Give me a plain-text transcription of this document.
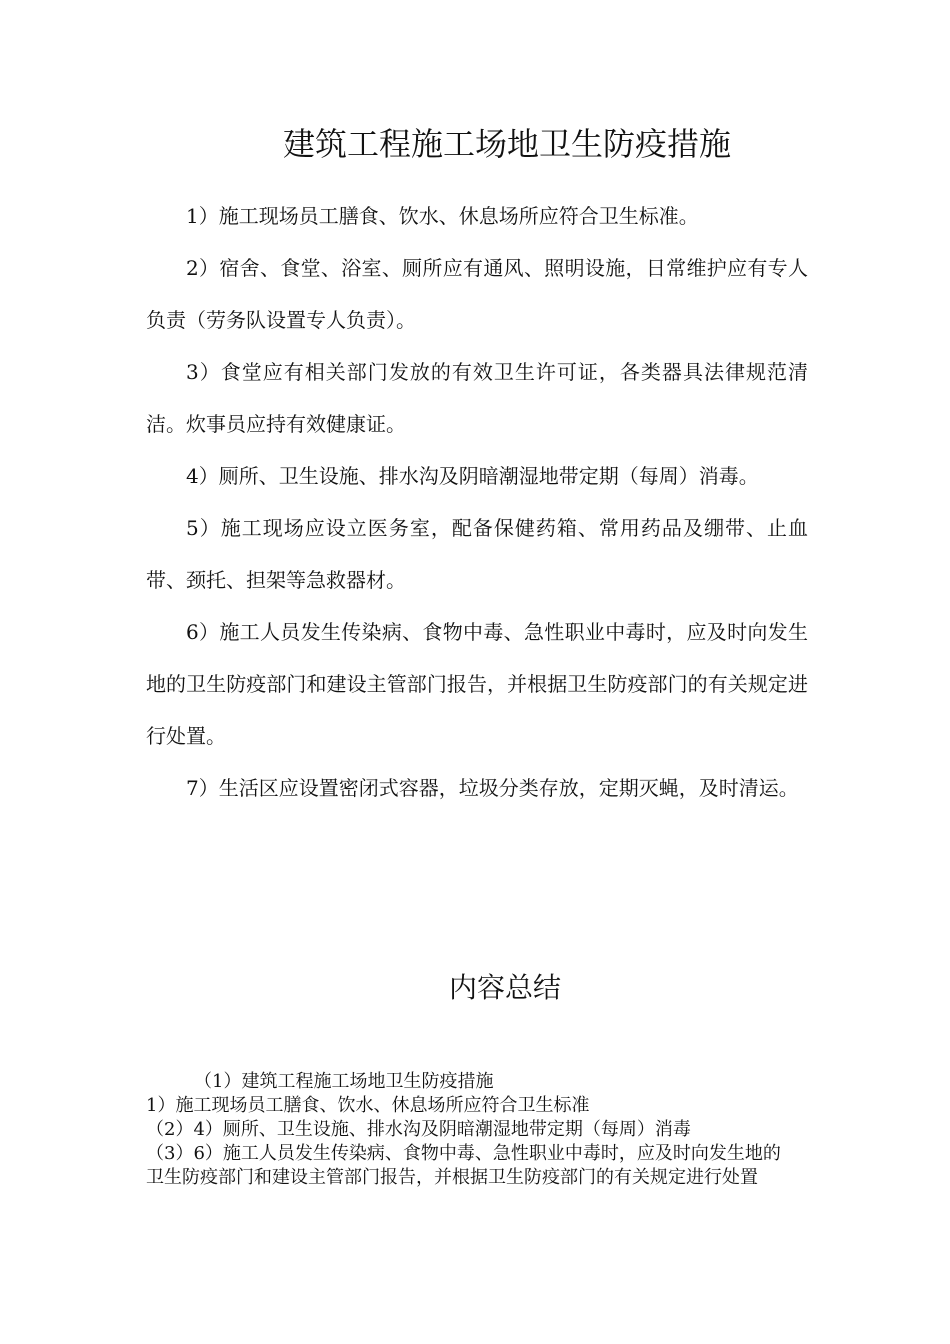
建筑工程施工场地卫生防疫措施

1）施工现场员工膳食、饮水、休息场所应符合卫生标准。

2）宿舍、食堂、浴室、厕所应有通风、照明设施，日常维护应有专人负责（劳务队设置专人负责）。

3）食堂应有相关部门发放的有效卫生许可证，各类器具法律规范清洁。炊事员应持有效健康证。

4）厕所、卫生设施、排水沟及阴暗潮湿地带定期（每周）消毒。

5）施工现场应设立医务室，配备保健药箱、常用药品及绷带、止血带、颈托、担架等急救器材。

6）施工人员发生传染病、食物中毒、急性职业中毒时，应及时向发生地的卫生防疫部门和建设主管部门报告，并根据卫生防疫部门的有关规定进行处置。

7）生活区应设置密闭式容器，垃圾分类存放，定期灭蝇，及时清运。

内容总结

（1）建筑工程施工场地卫生防疫措施

1）施工现场员工膳食、饮水、休息场所应符合卫生标准

（2）4）厕所、卫生设施、排水沟及阴暗潮湿地带定期（每周）消毒

（3）6）施工人员发生传染病、食物中毒、急性职业中毒时，应及时向发生地的卫生防疫部门和建设主管部门报告，并根据卫生防疫部门的有关规定进行处置
